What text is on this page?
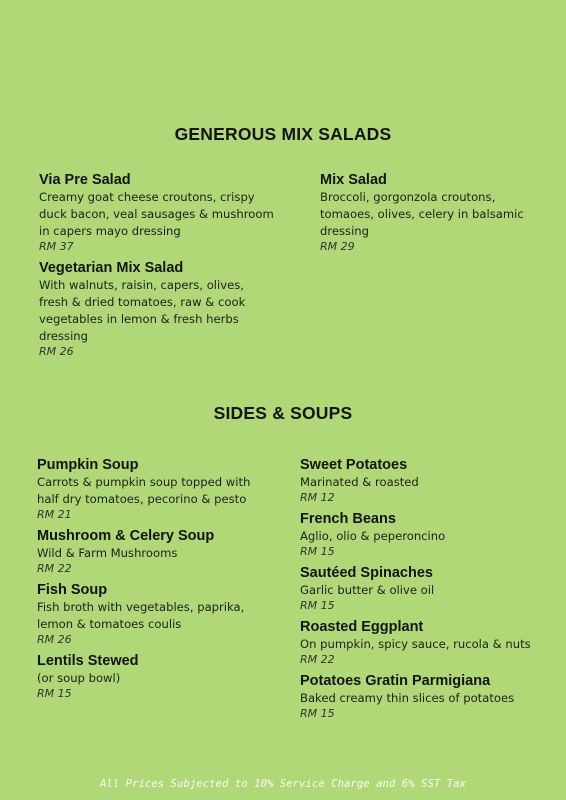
GENEROUS MIX SALADS
Via Pre Salad
Creamy goat cheese croutons, crispy
duck bacon, veal sausages & mushroom
in capers mayo dressing
RM 37
Vegetarian Mix Salad
With walnuts, raisin, capers, olives,
fresh & dried tomatoes, raw & cook
vegetables in lemon & fresh herbs
dressing
RM 26
Mix Salad
Broccoli, gorgonzola croutons,
tomaoes, olives, celery in balsamic
dressing
RM 29
SIDES & SOUPS
Pumpkin Soup
Carrots & pumpkin soup topped with
half dry tomatoes, pecorino & pesto
RM 21
Mushroom & Celery Soup
Wild & Farm Mushrooms
RM 22
Fish Soup
Fish broth with vegetables, paprika,
lemon & tomatoes coulis
RM 26
Lentils Stewed
(or soup bowl)
RM 15
Sweet Potatoes
Marinated & roasted
RM 12
French Beans
Aglio, olio & peperoncino
RM 15
Sautéed Spinaches
Garlic butter & olive oil
RM 15
Roasted Eggplant
On pumpkin, spicy sauce, rucola & nuts
RM 22
Potatoes Gratin Parmigiana
Baked creamy thin slices of potatoes
RM 15
All Prices Subjected to 10% Service Charge and 6% SST Tax
